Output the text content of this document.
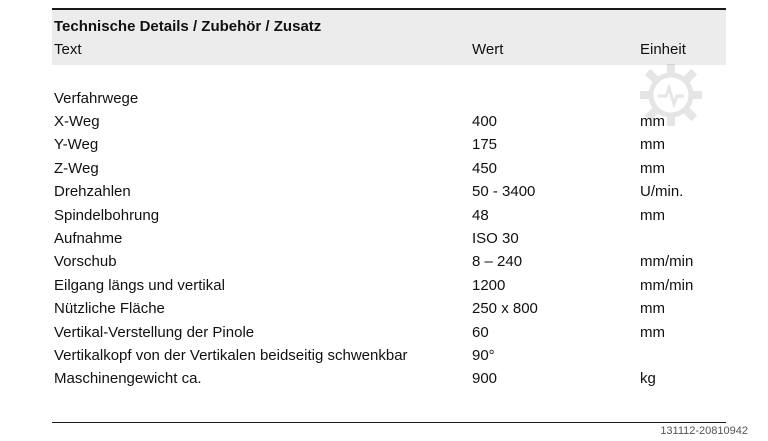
Technische Details / Zubehör / Zusatz
Text	Wert	Einheit
Verfahrwege
X-Weg	400	mm
Y-Weg	175	mm
Z-Weg	450	mm
Drehzahlen	50 - 3400	U/min.
Spindelbohrung	48	mm
Aufnahme	ISO 30
Vorschub	8 – 240	mm/min
Eilgang längs und vertikal	1200	mm/min
Nützliche Fläche	250 x 800	mm
Vertikal-Verstellung der Pinole	60	mm
Vertikalkopf von der Vertikalen beidseitig schwenkbar	90°
Maschinengewicht ca.	900	kg
131112-20810942
